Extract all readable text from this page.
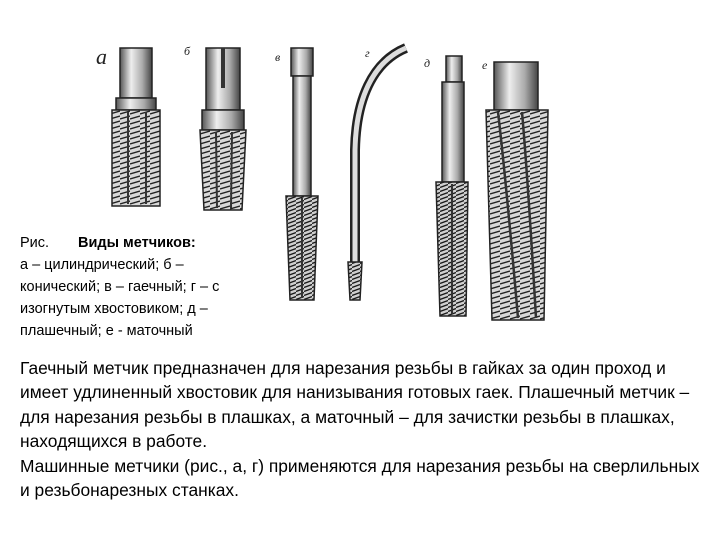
а	б	в	г
д	е
Рис. Виды метчиков:
а – цилиндрический; б –
конический; в – гаечный; г – с
изогнутым хвостовиком; д –
плашечный; е - маточный

Гаечный метчик предназначен для нарезания резьбы в гайках за один проход и имеет удлиненный хвостовик для нанизывания готовых гаек. Плашечный метчик – для нарезания резьбы в плашках, а маточный – для зачистки резьбы в плашках, находящихся в работе.

Машинные метчики (рис., а, г) применяются для нарезания резьбы на сверлильных и резьбонарезных станках.
